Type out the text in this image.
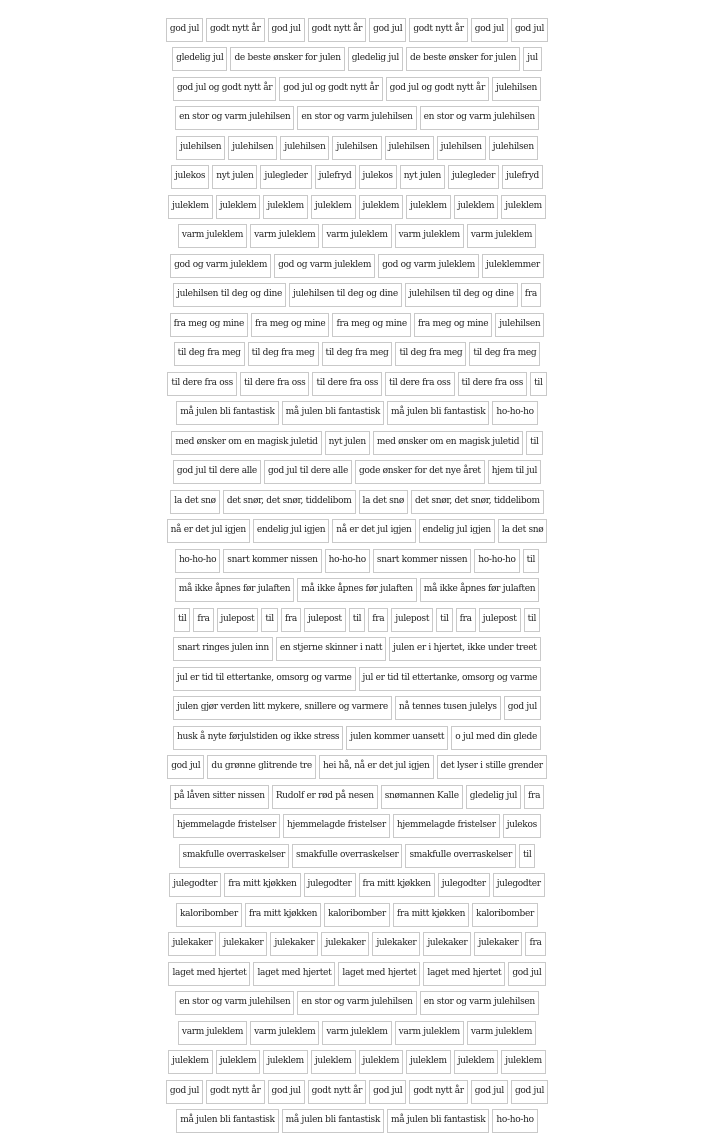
god jul	godt nytt år	god jul	godt nytt år	god jul	godt nytt år	god jul	god jul
gledelig jul	de beste ønsker for julen	gledelig jul	de beste ønsker for julen	jul
god jul og godt nytt år	god jul og godt nytt år	god jul og godt nytt år	julehilsen
en stor og varm julehilsen	en stor og varm julehilsen	en stor og varm julehilsen
julehilsen	julehilsen	julehilsen	julehilsen	julehilsen	julehilsen	julehilsen
julekos	nyt julen	julegleder	julefryd	julekos	nyt julen	julegleder	julefryd
juleklem	juleklem	juleklem	juleklem	juleklem	juleklem	juleklem	juleklem
varm juleklem	varm juleklem	varm juleklem	varm juleklem	varm juleklem
god og varm juleklem	god og varm juleklem	god og varm juleklem	juleklemmer
julehilsen til deg og dine	julehilsen til deg og dine	julehilsen til deg og dine	fra
fra meg og mine	fra meg og mine	fra meg og mine	fra meg og mine	julehilsen
til deg fra meg	til deg fra meg	til deg fra meg	til deg fra meg	til deg fra meg
til dere fra oss	til dere fra oss	til dere fra oss	til dere fra oss	til dere fra oss	til
må julen bli fantastisk	må julen bli fantastisk	må julen bli fantastisk	ho-ho-ho
med ønsker om en magisk juletid	nyt julen	med ønsker om en magisk juletid	til
god jul til dere alle	god jul til dere alle	gode ønsker for det nye året	hjem til jul
la det snø	det snør, det snør, tiddelibom	la det snø	det snør, det snør, tiddelibom
nå er det jul igjen	endelig jul igjen	nå er det jul igjen	endelig jul igjen	la det snø
ho-ho-ho	snart kommer nissen	ho-ho-ho	snart kommer nissen	ho-ho-ho	til
må ikke åpnes før julaften	må ikke åpnes før julaften	må ikke åpnes før julaften
til	fra	julepost	til	fra	julepost	til	fra	julepost	til	fra	julepost	til
snart ringes julen inn	en stjerne skinner i natt	julen er i hjertet, ikke under treet
jul er tid til ettertanke, omsorg og varme	jul er tid til ettertanke, omsorg og varme
julen gjør verden litt mykere, snillere og varmere	nå tennes tusen julelys	god jul
husk å nyte førjulstiden og ikke stress	julen kommer uansett	o jul med din glede
god jul	du grønne glitrende tre	hei hå, nå er det jul igjen	det lyser i stille grender
på låven sitter nissen	Rudolf er rød på nesen	snømannen Kalle	gledelig jul	fra
hjemmelagde fristelser	hjemmelagde fristelser	hjemmelagde fristelser	julekos
smakfulle overraskelser	smakfulle overraskelser	smakfulle overraskelser	til
julegodter	fra mitt kjøkken	julegodter	fra mitt kjøkken	julegodter	julegodter
kaloribomber	fra mitt kjøkken	kaloribomber	fra mitt kjøkken	kaloribomber
julekaker	julekaker	julekaker	julekaker	julekaker	julekaker	julekaker	fra
laget med hjertet	laget med hjertet	laget med hjertet	laget med hjertet	god jul
en stor og varm julehilsen	en stor og varm julehilsen	en stor og varm julehilsen
varm juleklem	varm juleklem	varm juleklem	varm juleklem	varm juleklem
juleklem	juleklem	juleklem	juleklem	juleklem	juleklem	juleklem	juleklem
god jul	godt nytt år	god jul	godt nytt år	god jul	godt nytt år	god jul	god jul
må julen bli fantastisk	må julen bli fantastisk	må julen bli fantastisk	ho-ho-ho
